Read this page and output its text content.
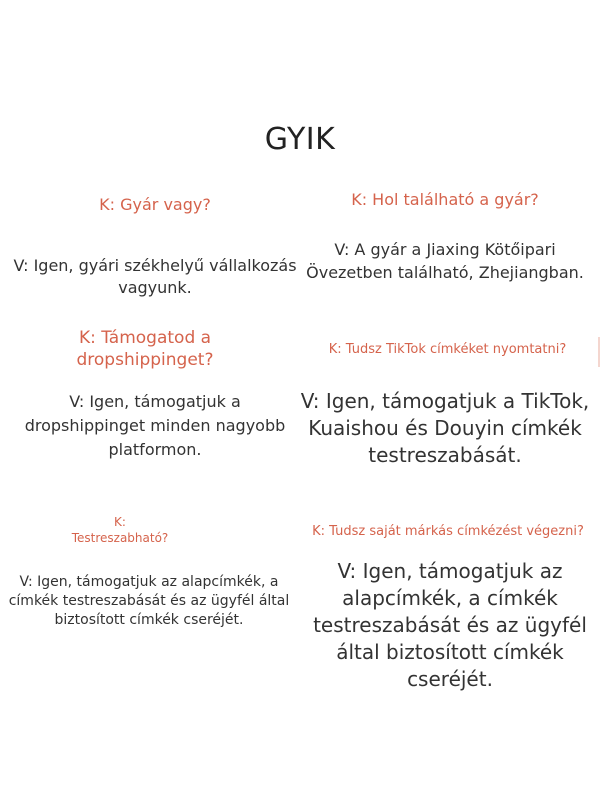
GYIK

K: Gyár vagy?

V: Igen, gyári székhelyű vállalkozás vagyunk.

K: Támogatod a dropshippinget?

V: Igen, támogatjuk a dropshippinget minden nagyobb platformon.

K:
Testreszabható?

V: Igen, támogatjuk az alapcímkék, a címkék testreszabását és az ügyfél által biztosított címkék cseréjét.

K: Hol található a gyár?

V: A gyár a Jiaxing Kötőipari Övezetben található, Zhejiangban.

K: Tudsz TikTok címkéket nyomtatni?

V: Igen, támogatjuk a TikTok, Kuaishou és Douyin címkék testreszabását.

K: Tudsz saját márkás címkézést végezni?

V: Igen, támogatjuk az alapcímkék, a címkék testreszabását és az ügyfél által biztosított címkék cseréjét.
